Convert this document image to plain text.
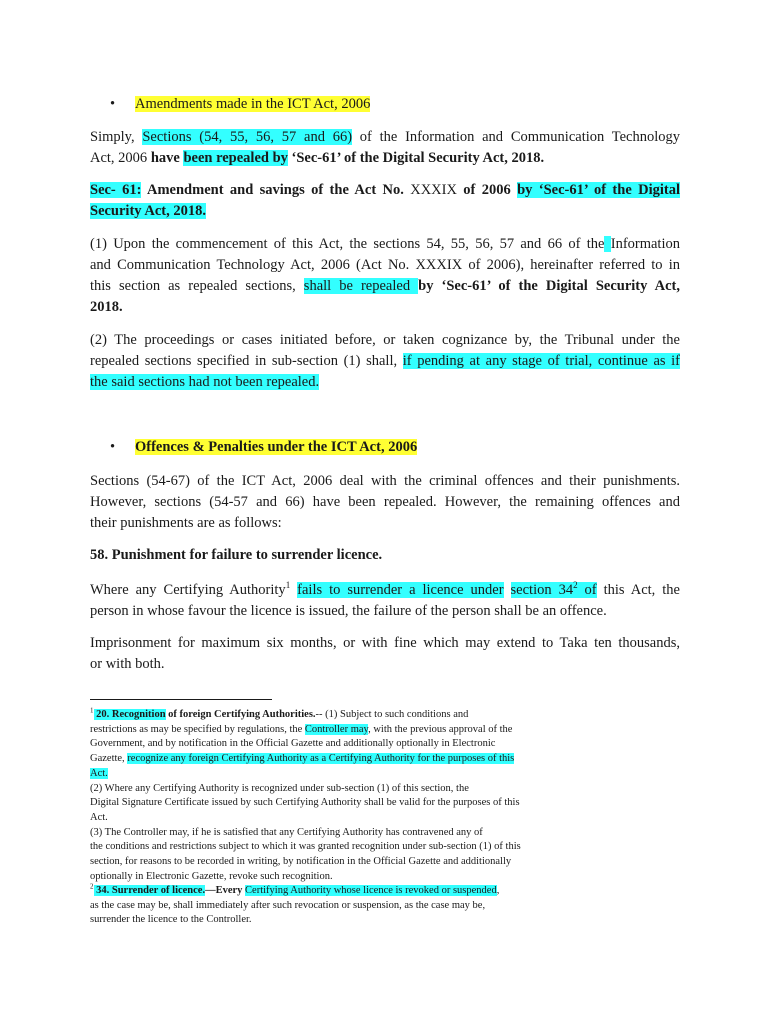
• Amendments made in the ICT Act, 2006

Simply, Sections (54, 55, 56, 57 and 66) of the Information and Communication Technology
Act, 2006 have been repealed by ‘Sec-61’ of the Digital Security Act, 2018.

Sec- 61: Amendment and savings of the Act No. XXXIX of 2006 by ‘Sec-61’ of the Digital
Security Act, 2018.

(1) Upon the commencement of this Act, the sections 54, 55, 56, 57 and 66 of the Information
and Communication Technology Act, 2006 (Act No. XXXIX of 2006), hereinafter referred to in
this section as repealed sections, shall be repealed by ‘Sec-61’ of the Digital Security Act,
2018.

(2) The proceedings or cases initiated before, or taken cognizance by, the Tribunal under the
repealed sections specified in sub-section (1) shall, if pending at any stage of trial, continue as if
the said sections had not been repealed.

• Offences & Penalties under the ICT Act, 2006

Sections (54-67) of the ICT Act, 2006 deal with the criminal offences and their punishments.
However, sections (54-57 and 66) have been repealed. However, the remaining offences and
their punishments are as follows:

58. Punishment for failure to surrender licence.

Where any Certifying Authority$^1$ fails to surrender a licence under section $34^2$ of this Act, the
person in whose favour the licence is issued, the failure of the person shall be an offence.

Imprisonment for maximum six months, or with fine which may extend to Taka ten thousands,
or with both.

$^1$ 20. Recognition of foreign Certifying Authorities.-- (1) Subject to such conditions and
restrictions as may be specified by regulations, the Controller may, with the previous approval of the
Government, and by notification in the Official Gazette and additionally optionally in Electronic
Gazette, recognize any foreign Certifying Authority as a Certifying Authority for the purposes of this
Act.
(2) Where any Certifying Authority is recognized under sub-section (1) of this section, the
Digital Signature Certificate issued by such Certifying Authority shall be valid for the purposes of this
Act.
(3) The Controller may, if he is satisfied that any Certifying Authority has contravened any of
the conditions and restrictions subject to which it was granted recognition under sub-section (1) of this
section, for reasons to be recorded in writing, by notification in the Official Gazette and additionally
optionally in Electronic Gazette, revoke such recognition.
$^2$ 34. Surrender of licence.—Every Certifying Authority whose licence is revoked or suspended,
as the case may be, shall immediately after such revocation or suspension, as the case may be,
surrender the licence to the Controller.
